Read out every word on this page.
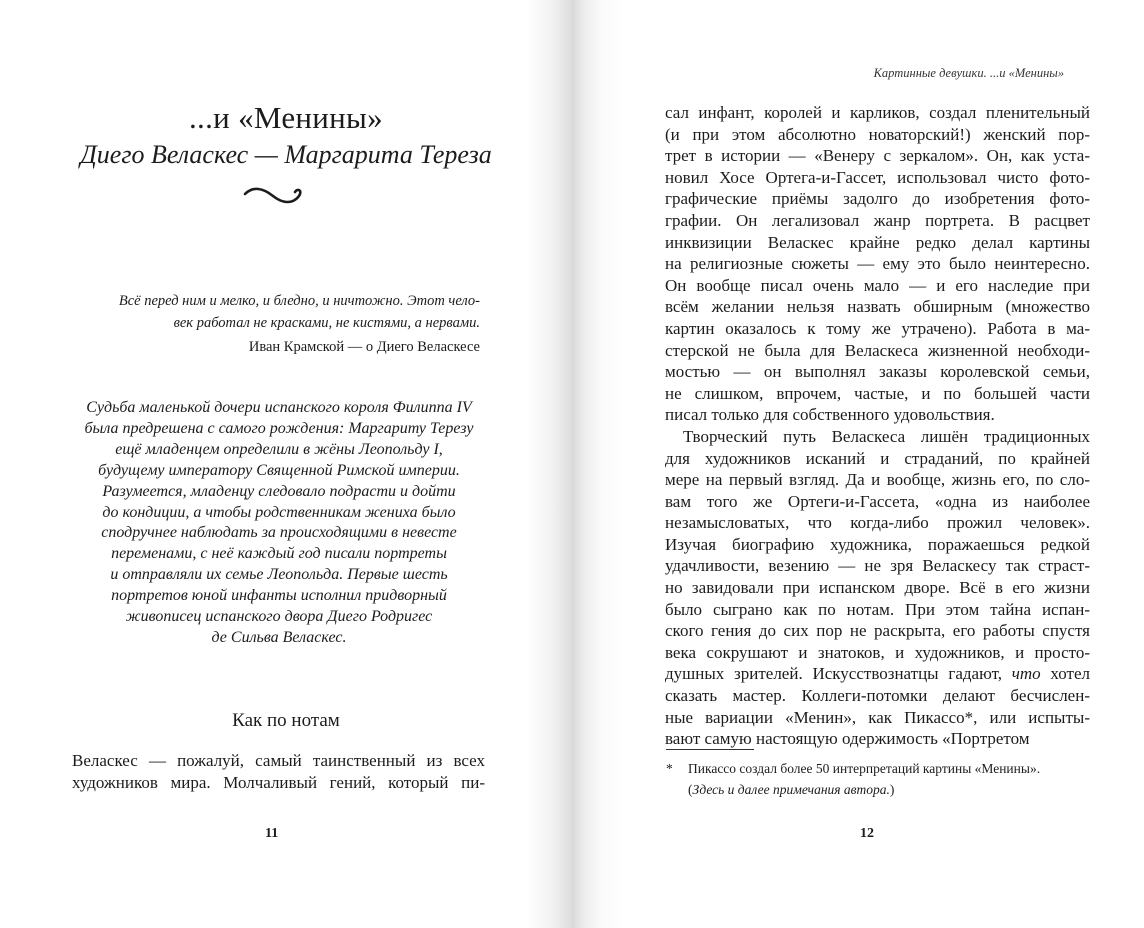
...и «Менины»
Диего Веласкес — Маргарита Тереза
Всё перед ним и мелко, и бледно, и ничтожно. Этот чело-
век работал не красками, не кистями, а нервами.
Иван Крамской — о Диего Веласкесе
Судьба маленькой дочери испанского короля Филиппа IV
была предрешена с самого рождения: Маргариту Терезу
ещё младенцем определили в жёны Леопольду I,
будущему императору Священной Римской империи.
Разумеется, младенцу следовало подрасти и дойти
до кондиции, а чтобы родственникам жениха было
сподручнее наблюдать за происходящими в невесте
переменами, с неё каждый год писали портреты
и отправляли их семье Леопольда. Первые шесть
портретов юной инфанты исполнил придворный
живописец испанского двора Диего Родригес
де Сильва Веласкес.
Как по нотам
Веласкес — пожалуй, самый таинственный из всех
художников мира. Молчаливый гений, который пи-
11
Картинные девушки. ...и «Менины»
сал инфант, королей и карликов, создал пленительный
(и при этом абсолютно новаторский!) женский пор-
трет в истории — «Венеру с зеркалом». Он, как уста-
новил Хосе Ортега-и-Гассет, использовал чисто фото-
графические приёмы задолго до изобретения фото-
графии. Он легализовал жанр портрета. В расцвет
инквизиции Веласкес крайне редко делал картины
на религиозные сюжеты — ему это было неинтересно.
Он вообще писал очень мало — и его наследие при
всём желании нельзя назвать обширным (множество
картин оказалось к тому же утрачено). Работа в ма-
стерской не была для Веласкеса жизненной необходи-
мостью — он выполнял заказы королевской семьи,
не слишком, впрочем, частые, и по большей части
писал только для собственного удовольствия.
Творческий путь Веласкеса лишён традиционных
для художников исканий и страданий, по крайней
мере на первый взгляд. Да и вообще, жизнь его, по сло-
вам того же Ортеги-и-Гассета, «одна из наиболее
незамысловатых, что когда-либо прожил человек».
Изучая биографию художника, поражаешься редкой
удачливости, везению — не зря Веласкесу так страст-
но завидовали при испанском дворе. Всё в его жизни
было сыграно как по нотам. При этом тайна испан-
ского гения до сих пор не раскрыта, его работы спустя
века сокрушают и знатоков, и художников, и просто-
душных зрителей. Искусствознатцы гадают, что хотел
сказать мастер. Коллеги-потомки делают бесчислен-
ные вариации «Менин», как Пикассо*, или испыты-
вают самую настоящую одержимость «Портретом
* Пикассо создал более 50 интерпретаций картины «Менины».
(Здесь и далее примечания автора.)
12
